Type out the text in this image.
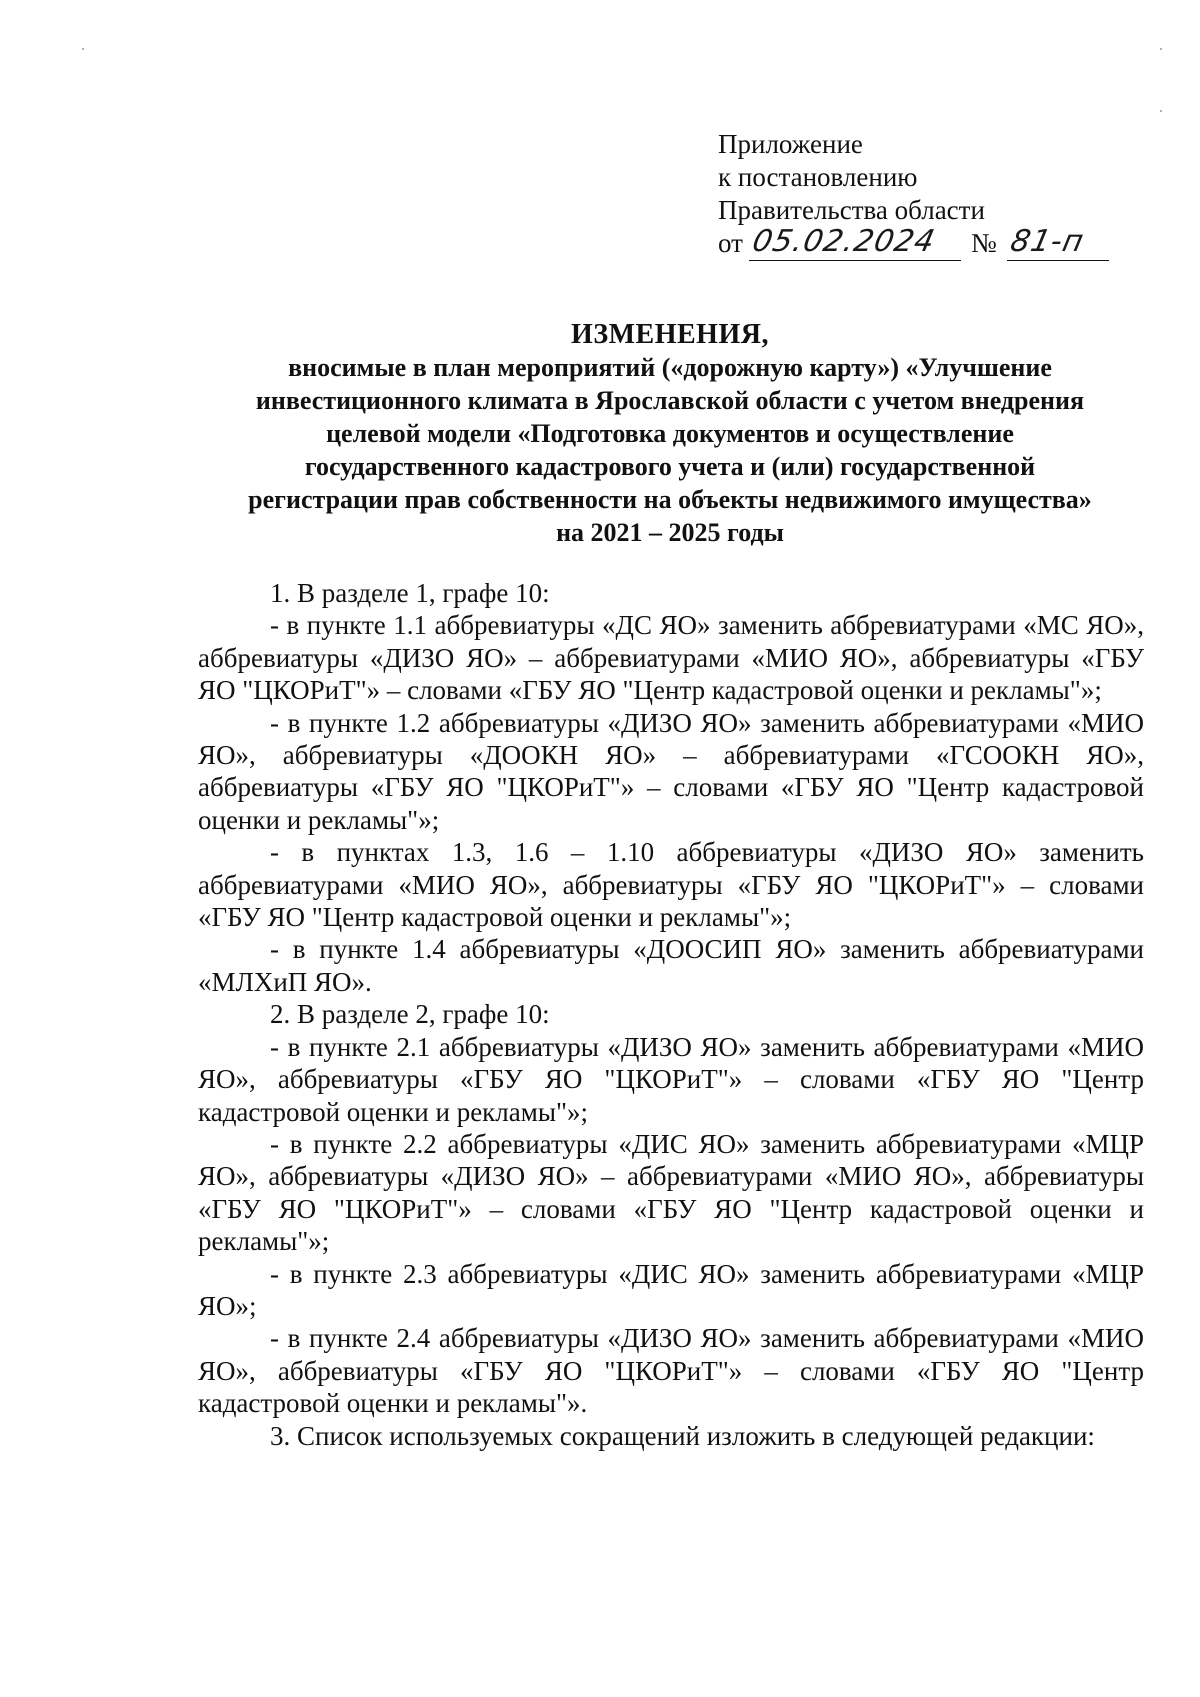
Приложение
к постановлению
Правительства области
от 05.02.2024 № 81-п
ИЗМЕНЕНИЯ,
вносимые в план мероприятий («дорожную карту») «Улучшение
инвестиционного климата в Ярославской области с учетом внедрения
целевой модели «Подготовка документов и осуществление
государственного кадастрового учета и (или) государственной
регистрации прав собственности на объекты недвижимого имущества»
на 2021 – 2025 годы

1. В разделе 1, графе 10:

- в пункте 1.1 аббревиатуры «ДС ЯО» заменить аббревиатурами «МС ЯО», аббревиатуры «ДИЗО ЯО» – аббревиатурами «МИО ЯО», аббревиатуры «ГБУ ЯО "ЦКОРиТ"» – словами «ГБУ ЯО "Центр кадастровой оценки и рекламы"»;

- в пункте 1.2 аббревиатуры «ДИЗО ЯО» заменить аббревиатурами «МИО ЯО», аббревиатуры «ДООКН ЯО» – аббревиатурами «ГСООКН ЯО», аббревиатуры «ГБУ ЯО "ЦКОРиТ"» – словами «ГБУ ЯО "Центр кадастровой оценки и рекламы"»;

- в пунктах 1.3, 1.6 – 1.10 аббревиатуры «ДИЗО ЯО» заменить аббревиатурами «МИО ЯО», аббревиатуры «ГБУ ЯО "ЦКОРиТ"» – словами «ГБУ ЯО "Центр кадастровой оценки и рекламы"»;

- в пункте 1.4 аббревиатуры «ДООСИП ЯО» заменить аббревиатурами «МЛХиП ЯО».

2. В разделе 2, графе 10:

- в пункте 2.1 аббревиатуры «ДИЗО ЯО» заменить аббревиатурами «МИО ЯО», аббревиатуры «ГБУ ЯО "ЦКОРиТ"» – словами «ГБУ ЯО "Центр кадастровой оценки и рекламы"»;

- в пункте 2.2 аббревиатуры «ДИС ЯО» заменить аббревиатурами «МЦР ЯО», аббревиатуры «ДИЗО ЯО» – аббревиатурами «МИО ЯО», аббревиатуры «ГБУ ЯО "ЦКОРиТ"» – словами «ГБУ ЯО "Центр кадастровой оценки и рекламы"»;

- в пункте 2.3 аббревиатуры «ДИС ЯО» заменить аббревиатурами «МЦР ЯО»;

- в пункте 2.4 аббревиатуры «ДИЗО ЯО» заменить аббревиатурами «МИО ЯО», аббревиатуры «ГБУ ЯО "ЦКОРиТ"» – словами «ГБУ ЯО "Центр кадастровой оценки и рекламы"».

3. Список используемых сокращений изложить в следующей редакции:
